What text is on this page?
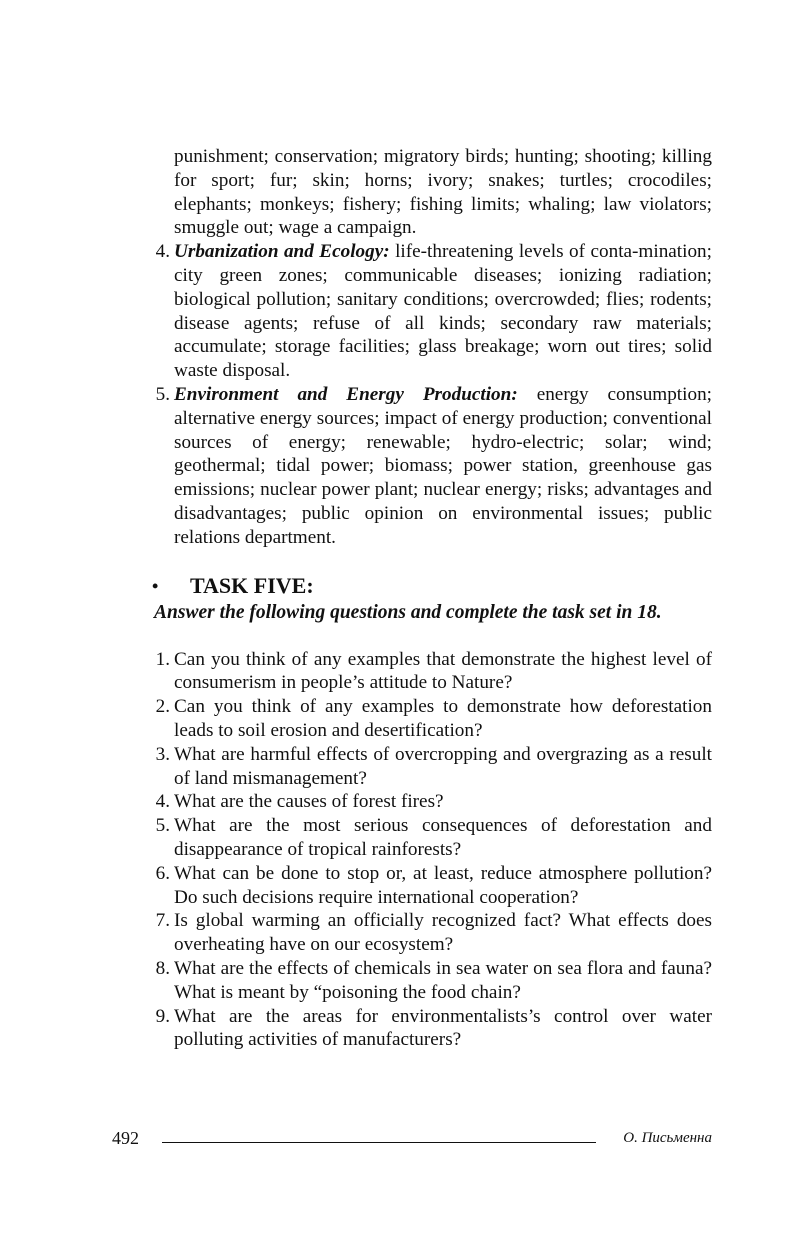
punishment; conservation; migratory birds; hunting; shooting; killing for sport; fur; skin; horns; ivory; snakes; turtles; crocodiles; elephants; monkeys; fishery; fishing limits; whaling; law violators; smuggle out; wage a campaign.

4. Urbanization and Ecology: life-threatening levels of conta-mination; city green zones; communicable diseases; ionizing radiation; biological pollution; sanitary conditions; overcrowded; flies; rodents; disease agents; refuse of all kinds; secondary raw materials; accumulate; storage facilities; glass breakage; worn out tires; solid waste disposal.
5. Environment and Energy Production: energy consumption; alternative energy sources; impact of energy production; conventional sources of energy; renewable; hydro-electric; solar; wind; geothermal; tidal power; biomass; power station, greenhouse gas emissions; nuclear power plant; nuclear energy; risks; advantages and disadvantages; public opinion on environmental issues; public relations department.
• TASK FIVE:
Answer the following questions and complete the task set in 18.
1. Can you think of any examples that demonstrate the highest level of consumerism in people’s attitude to Nature?
2. Can you think of any examples to demonstrate how deforestation leads to soil erosion and desertification?
3. What are harmful effects of overcropping and overgrazing as a result of land mismanagement?
4. What are the causes of forest fires?
5. What are the most serious consequences of deforestation and disappearance of tropical rainforests?
6. What can be done to stop or, at least, reduce atmosphere pollution? Do such decisions require international cooperation?
7. Is global warming an officially recognized fact? What effects does overheating have on our ecosystem?
8. What are the effects of chemicals in sea water on sea flora and fauna? What is meant by “poisoning the food chain?
9. What are the areas for environmentalists’s control over water polluting activities of manufacturers?
492	О. Письменна
